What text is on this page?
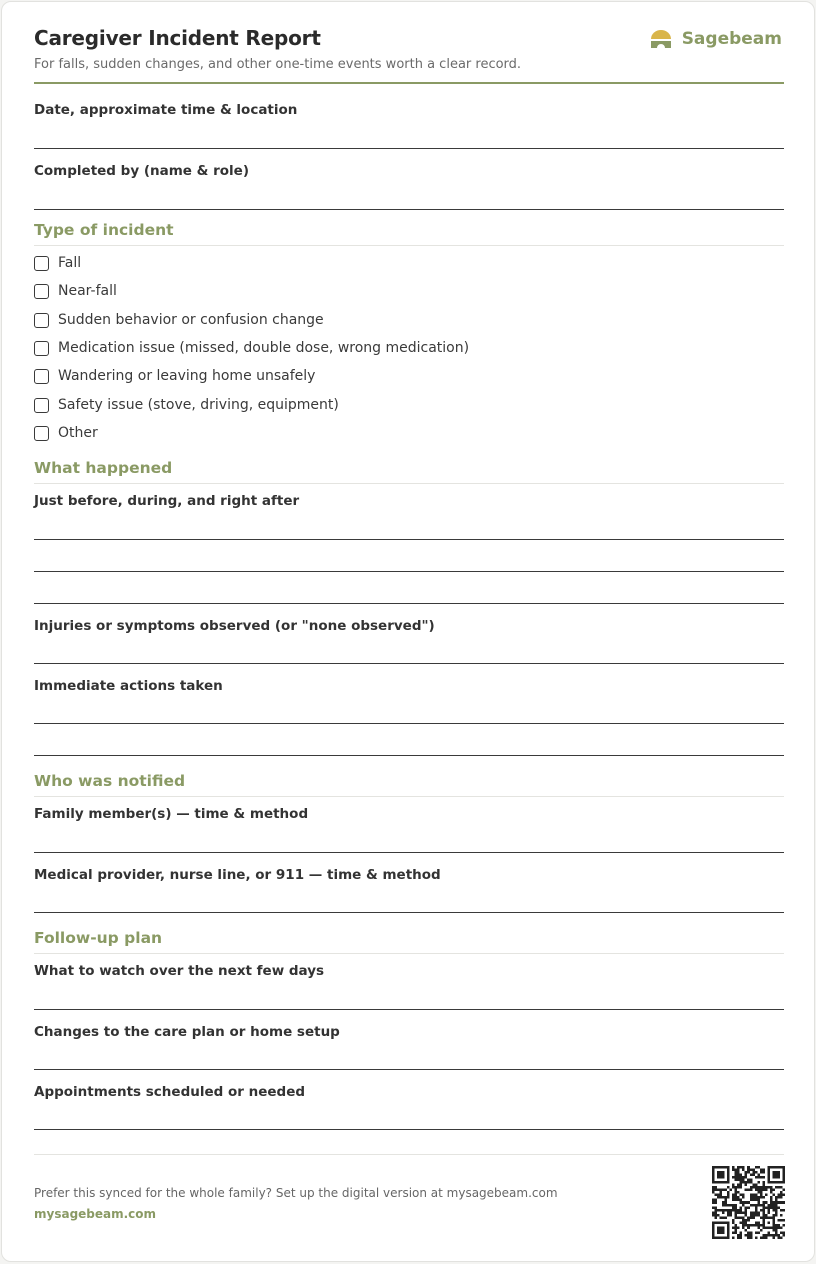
Caregiver Incident Report
For falls, sudden changes, and other one-time events worth a clear record.
Sagebeam
Date, approximate time & location
Completed by (name & role)
Type of incident
Fall
Near-fall
Sudden behavior or confusion change
Medication issue (missed, double dose, wrong medication)
Wandering or leaving home unsafely
Safety issue (stove, driving, equipment)
Other
What happened
Just before, during, and right after
Injuries or symptoms observed (or "none observed")
Immediate actions taken
Who was notified
Family member(s) — time & method
Medical provider, nurse line, or 911 — time & method
Follow-up plan
What to watch over the next few days
Changes to the care plan or home setup
Appointments scheduled or needed
Prefer this synced for the whole family? Set up the digital version at mysagebeam.com
mysagebeam.com
